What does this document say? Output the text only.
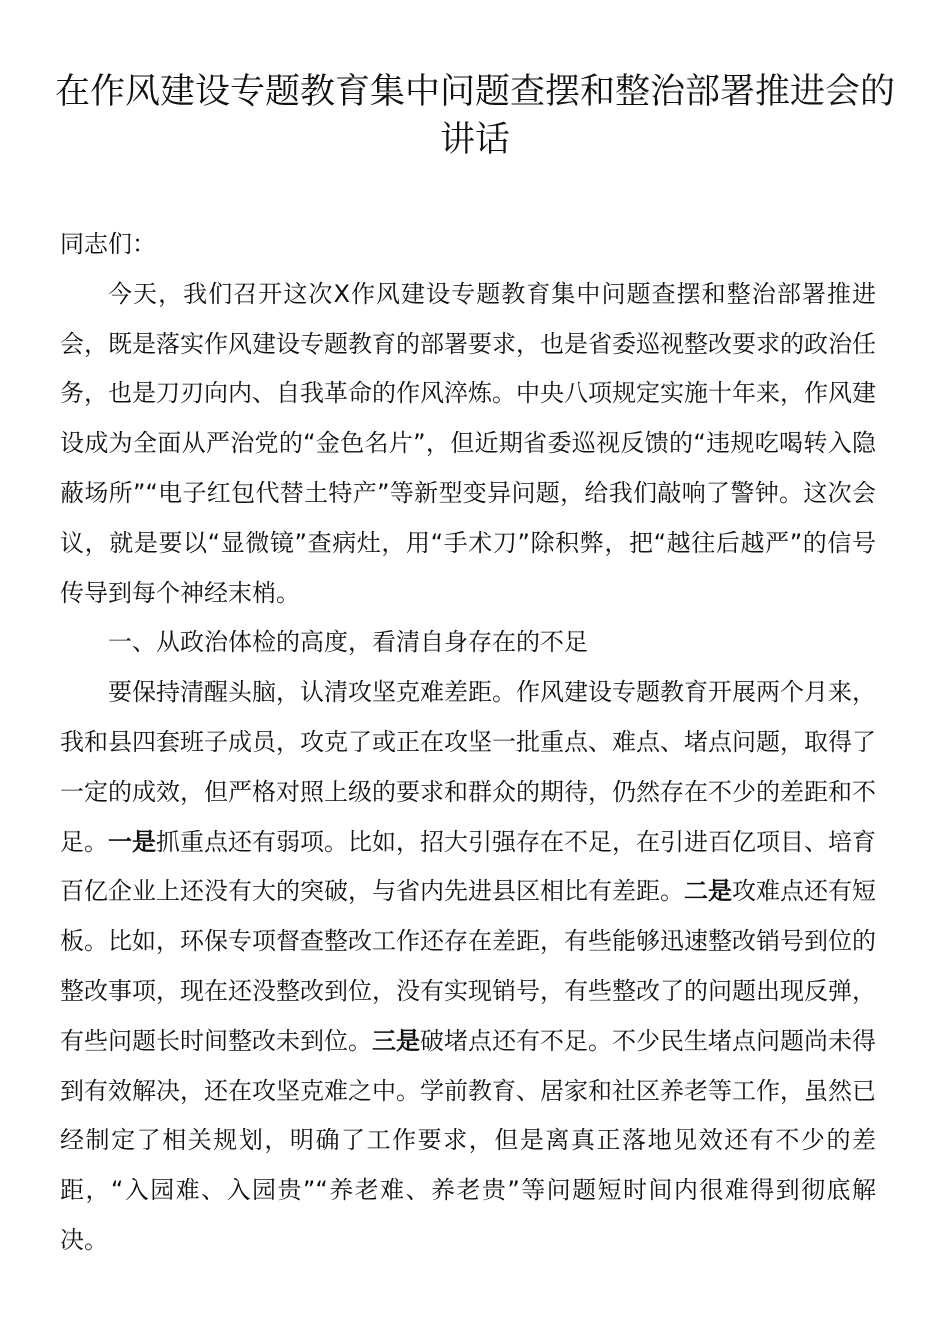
在作风建设专题教育集中问题查摆和整治部署推进会的讲话

同志们：

今天，我们召开这次X作风建设专题教育集中问题查摆和整治部署推进会，既是落实作风建设专题教育的部署要求，也是省委巡视整改要求的政治任务，也是刀刃向内、自我革命的作风淬炼。中央八项规定实施十年来，作风建设成为全面从严治党的“金色名片”，但近期省委巡视反馈的“违规吃喝转入隐蔽场所”“电子红包代替土特产”等新型变异问题，给我们敲响了警钟。这次会议，就是要以“显微镜”查病灶，用“手术刀”除积弊，把“越往后越严”的信号传导到每个神经末梢。

一、从政治体检的高度，看清自身存在的不足

要保持清醒头脑，认清攻坚克难差距。作风建设专题教育开展两个月来，我和县四套班子成员，攻克了或正在攻坚一批重点、难点、堵点问题，取得了一定的成效，但严格对照上级的要求和群众的期待，仍然存在不少的差距和不足。一是抓重点还有弱项。比如，招大引强存在不足，在引进百亿项目、培育百亿企业上还没有大的突破，与省内先进县区相比有差距。二是攻难点还有短板。比如，环保专项督查整改工作还存在差距，有些能够迅速整改销号到位的整改事项，现在还没整改到位，没有实现销号，有些整改了的问题出现反弹，有些问题长时间整改未到位。三是破堵点还有不足。不少民生堵点问题尚未得到有效解决，还在攻坚克难之中。学前教育、居家和社区养老等工作，虽然已经制定了相关规划，明确了工作要求，但是离真正落地见效还有不少的差距，“入园难、入园贵”“养老难、养老贵”等问题短时间内很难得到彻底解决。
